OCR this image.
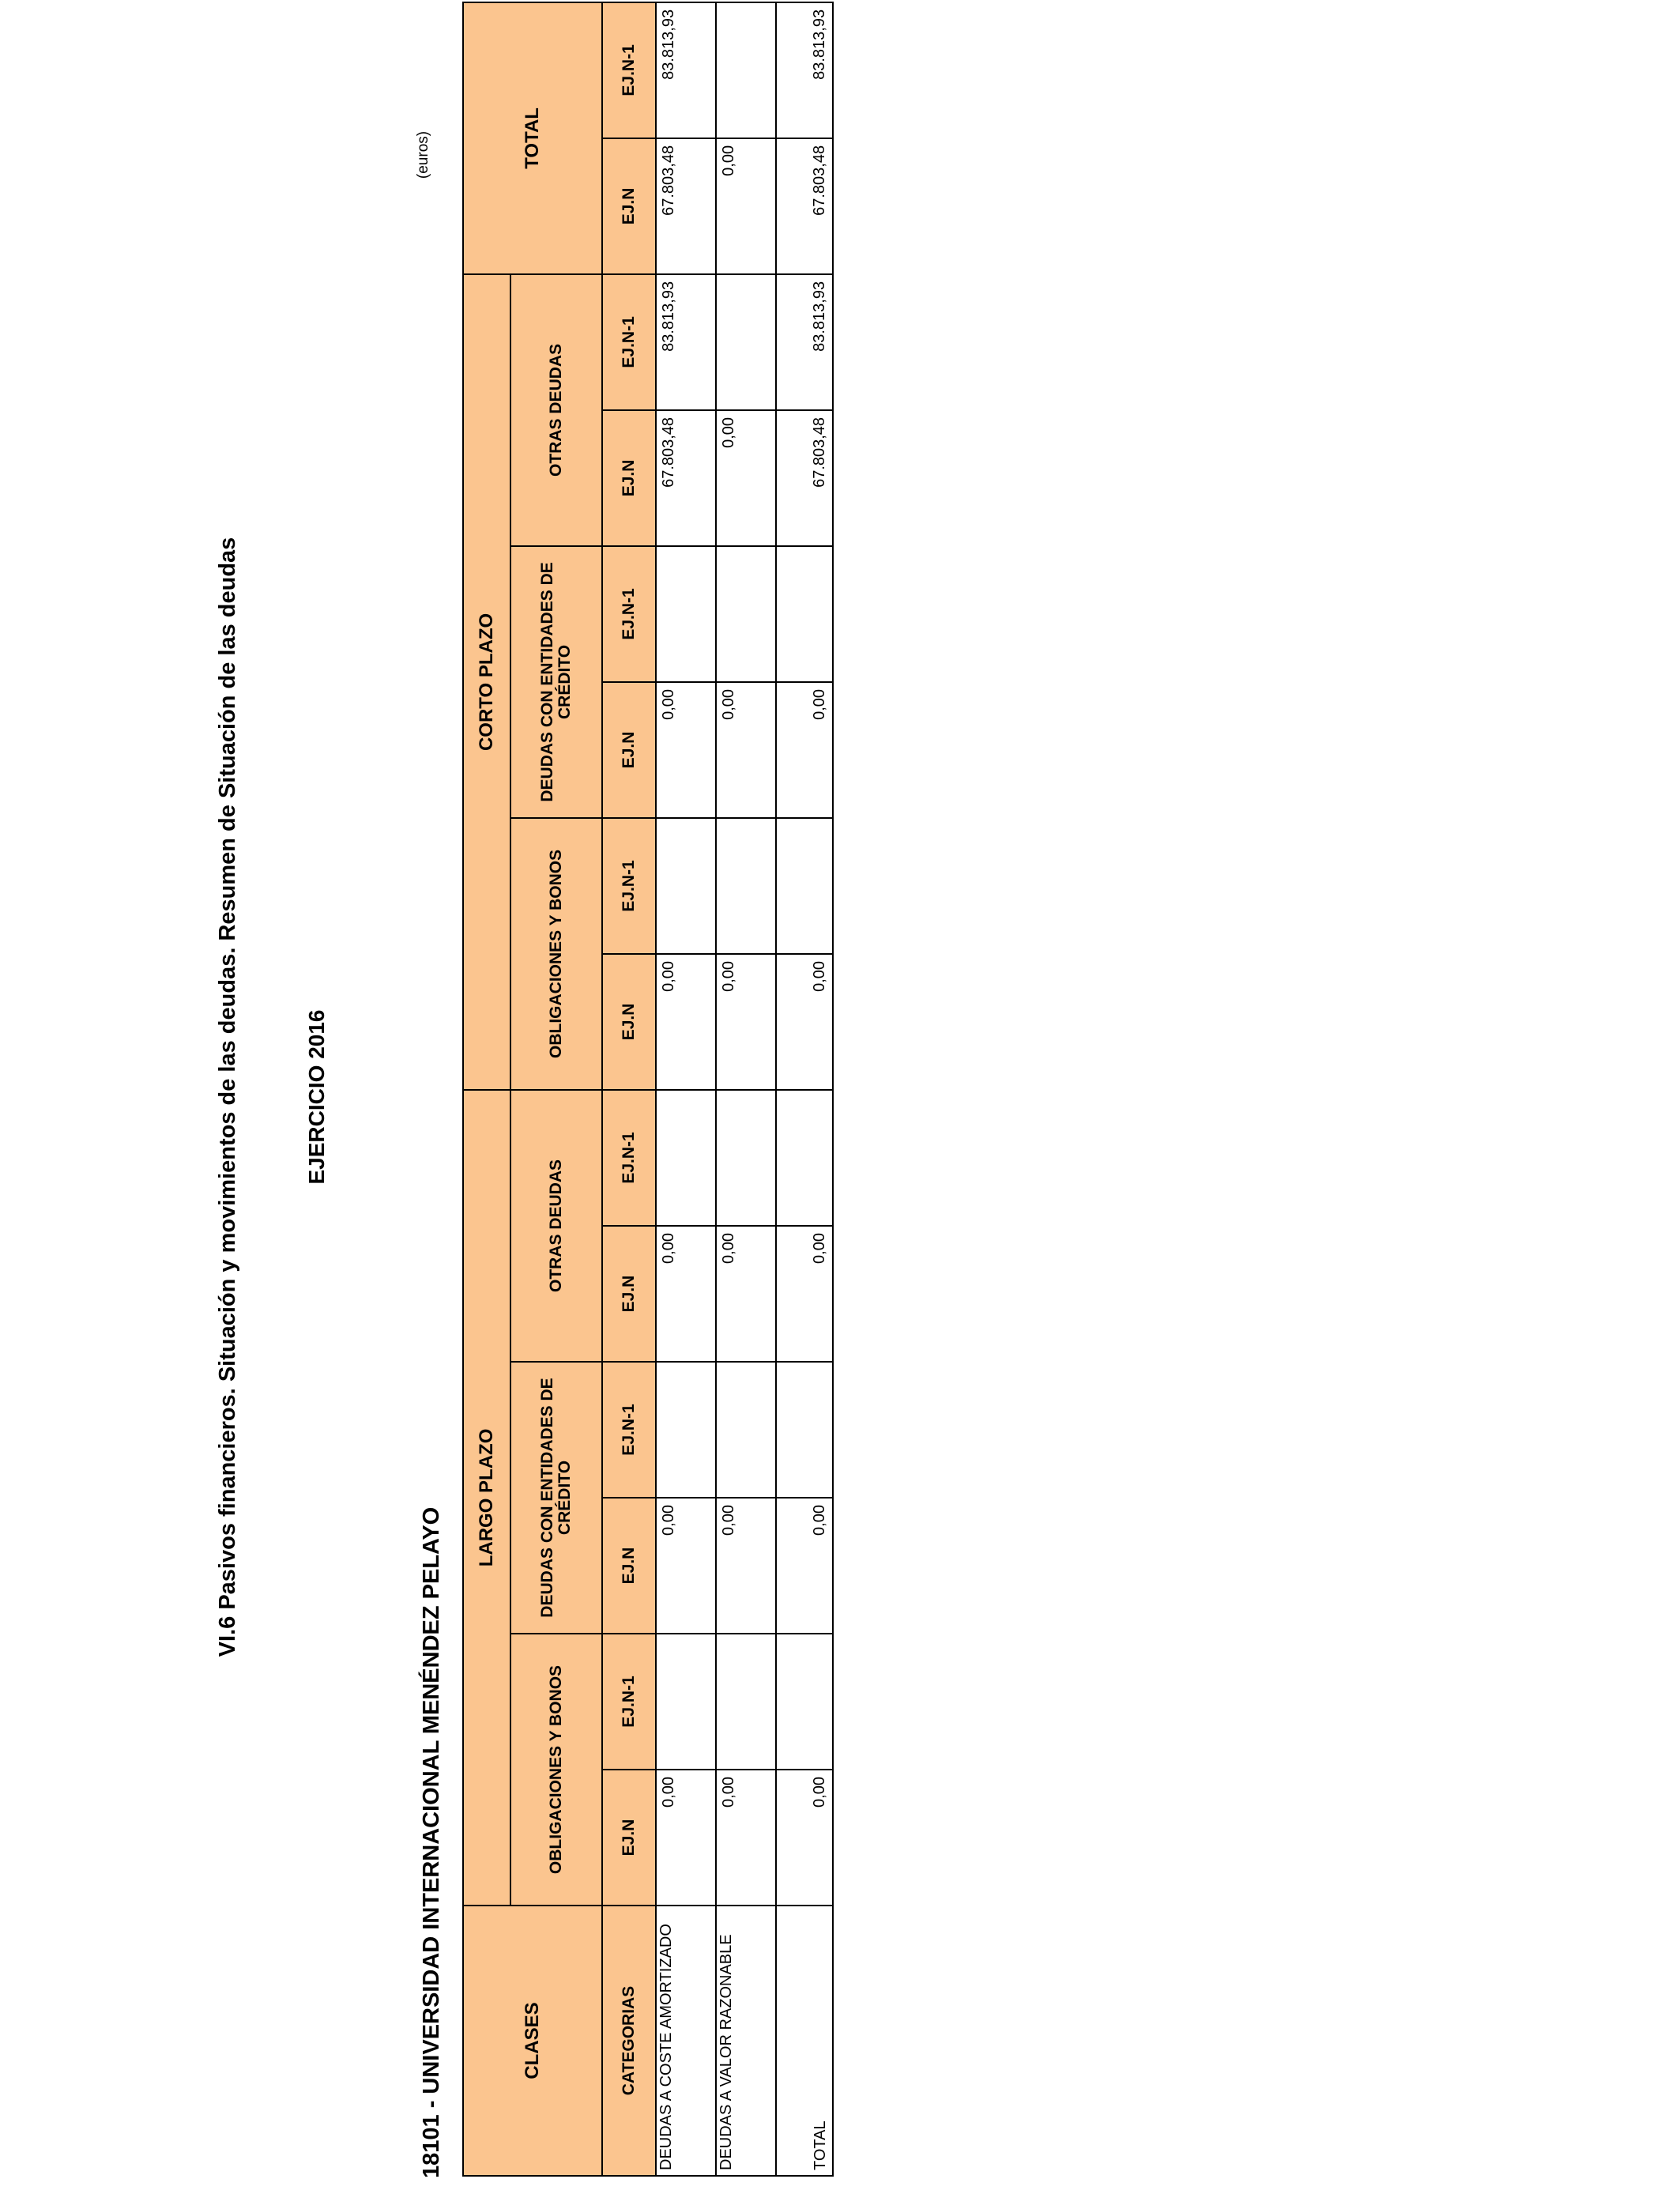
VI.6 Pasivos financieros. Situación y movimientos de las deudas. Resumen de Situación de las deudas	EJERCICIO 2016
18101 - UNIVERSIDAD INTERNACIONAL MENÉNDEZ PELAYO
(euros)
CLASES	LARGO PLAZO						CORTO PLAZO						TOTAL	
	OBLIGACIONES Y BONOS		DEUDAS CON ENTIDADES DE CRÉDITO		OTRAS DEUDAS		OBLIGACIONES Y BONOS		DEUDAS CON ENTIDADES DE CRÉDITO		OTRAS DEUDAS			
CATEGORIAS	EJ.N	EJ.N-1	EJ.N	EJ.N-1	EJ.N	EJ.N-1	EJ.N	EJ.N-1	EJ.N	EJ.N-1	EJ.N	EJ.N-1	EJ.N	EJ.N-1
DEUDAS A COSTE AMORTIZADO	0,00		0,00		0,00		0,00		0,00		67.803,48	83.813,93	67.803,48	83.813,93
DEUDAS A VALOR RAZONABLE	0,00		0,00		0,00		0,00		0,00		0,00		0,00	
TOTAL	0,00		0,00		0,00		0,00		0,00		67.803,48	83.813,93	67.803,48	83.813,93
